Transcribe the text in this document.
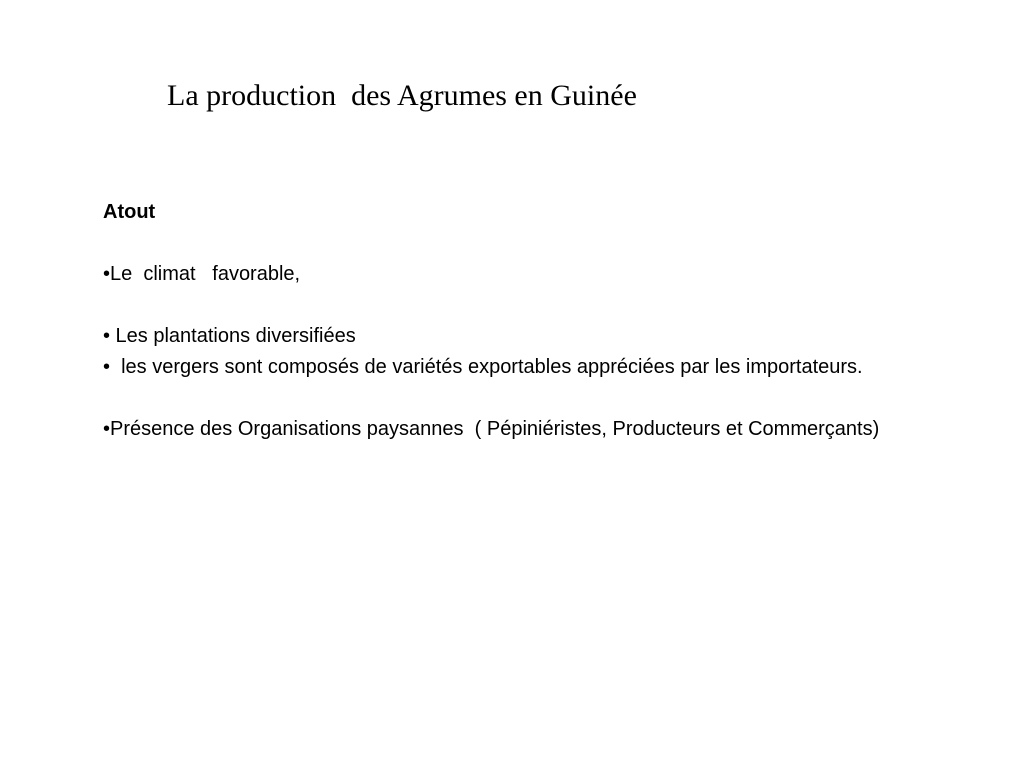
La production  des Agrumes en Guinée

Atout

•Le  climat   favorable,

• Les plantations diversifiées

•  les vergers sont composés de variétés exportables appréciées par les importateurs.

•Présence des Organisations paysannes  ( Pépiniéristes, Producteurs et Commerçants)
